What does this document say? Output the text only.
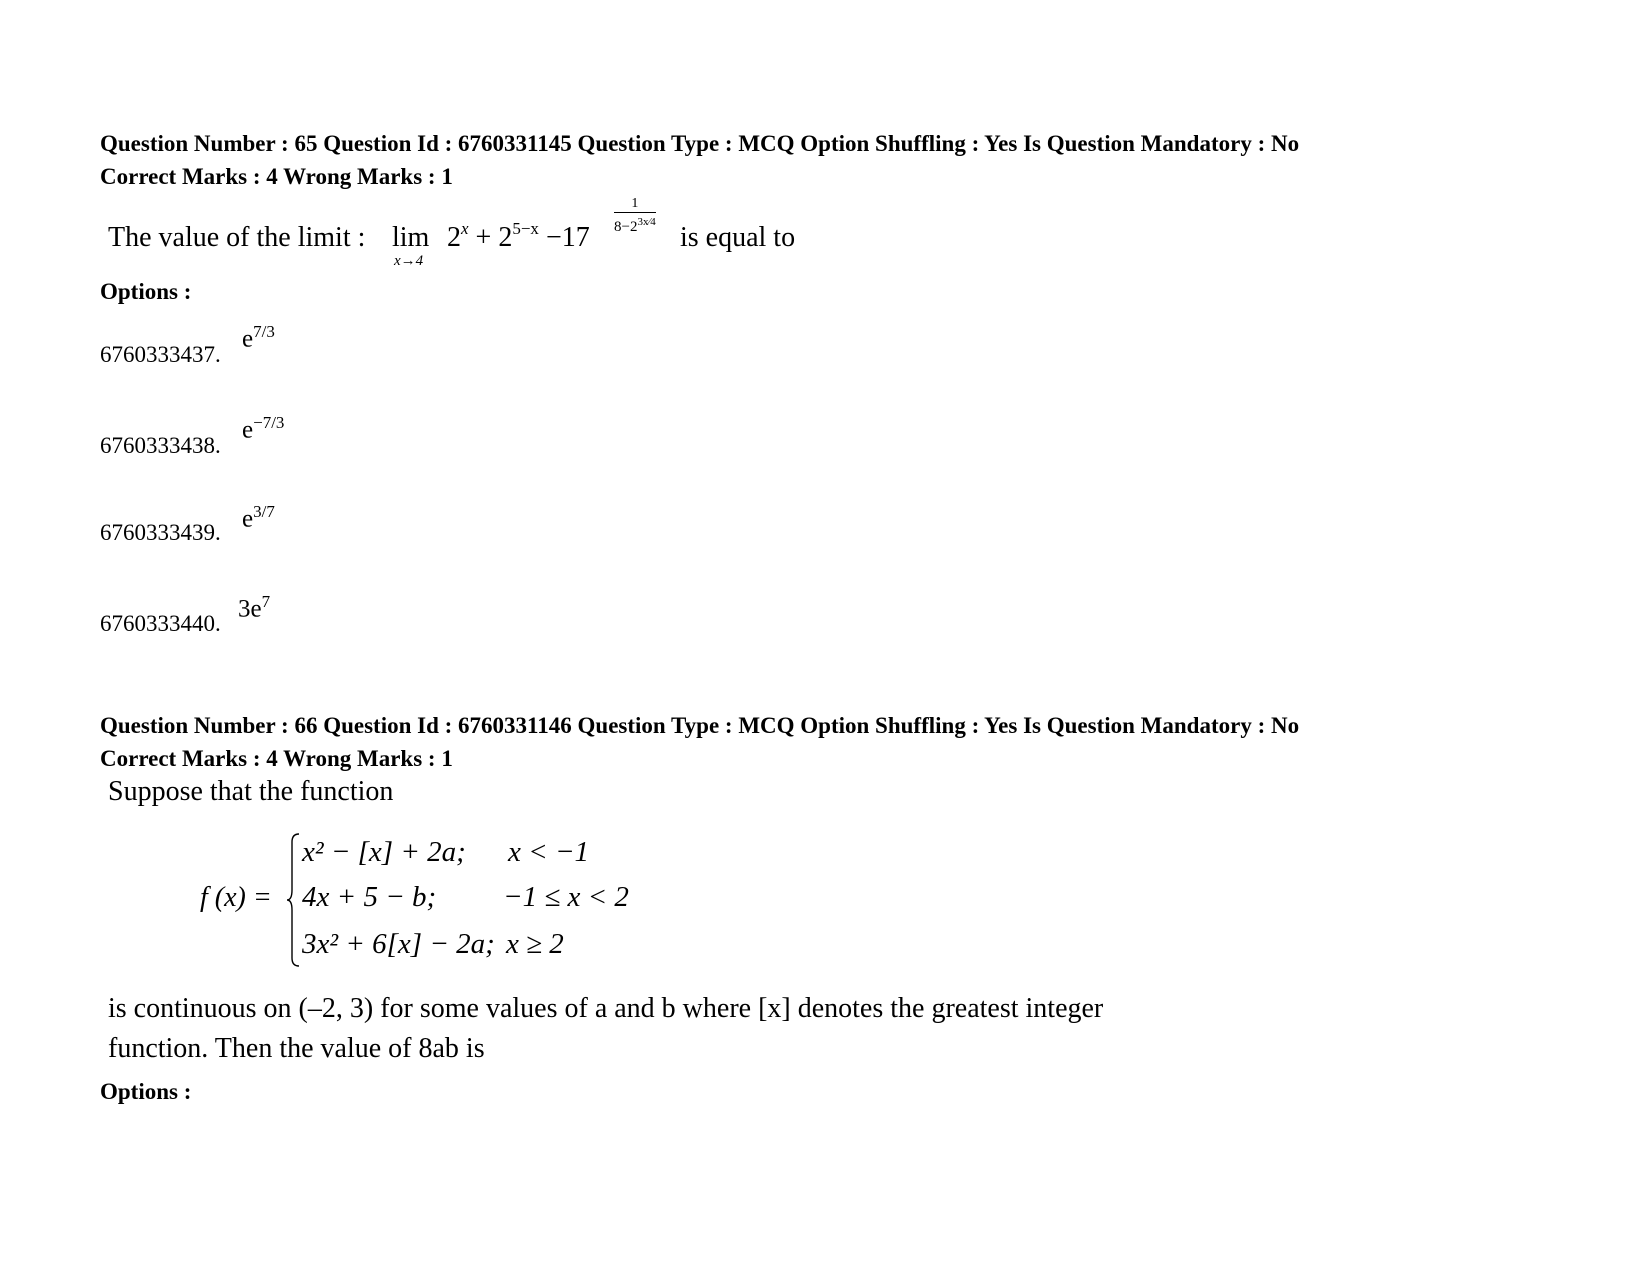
Question Number : 65 Question Id : 6760331145 Question Type : MCQ Option Shuffling : Yes Is Question Mandatory : No
Correct Marks : 4 Wrong Marks : 1
The value of the limit : lim
x→4
$2^x + 2^{5-x} -17$
$\frac{1}{8-2^{3x⁄4}}$
is equal to
Options :
6760333437.
$e^{7/3}$
6760333438.
$e^{-7/3}$
6760333439.
$e^{3/7}$
6760333440.
$3e^7$
Question Number : 66 Question Id : 6760331146 Question Type : MCQ Option Shuffling : Yes Is Question Mandatory : No
Correct Marks : 4 Wrong Marks : 1
Suppose that the function
f (x) =
x² − [x] + 2a; x < −1
4x + 5 − b; −1 ≤ x < 2
3x² + 6[x] − 2a; x ≥ 2
is continuous on (–2, 3) for some values of a and b where [x] denotes the greatest integer
function. Then the value of 8ab is
Options :
